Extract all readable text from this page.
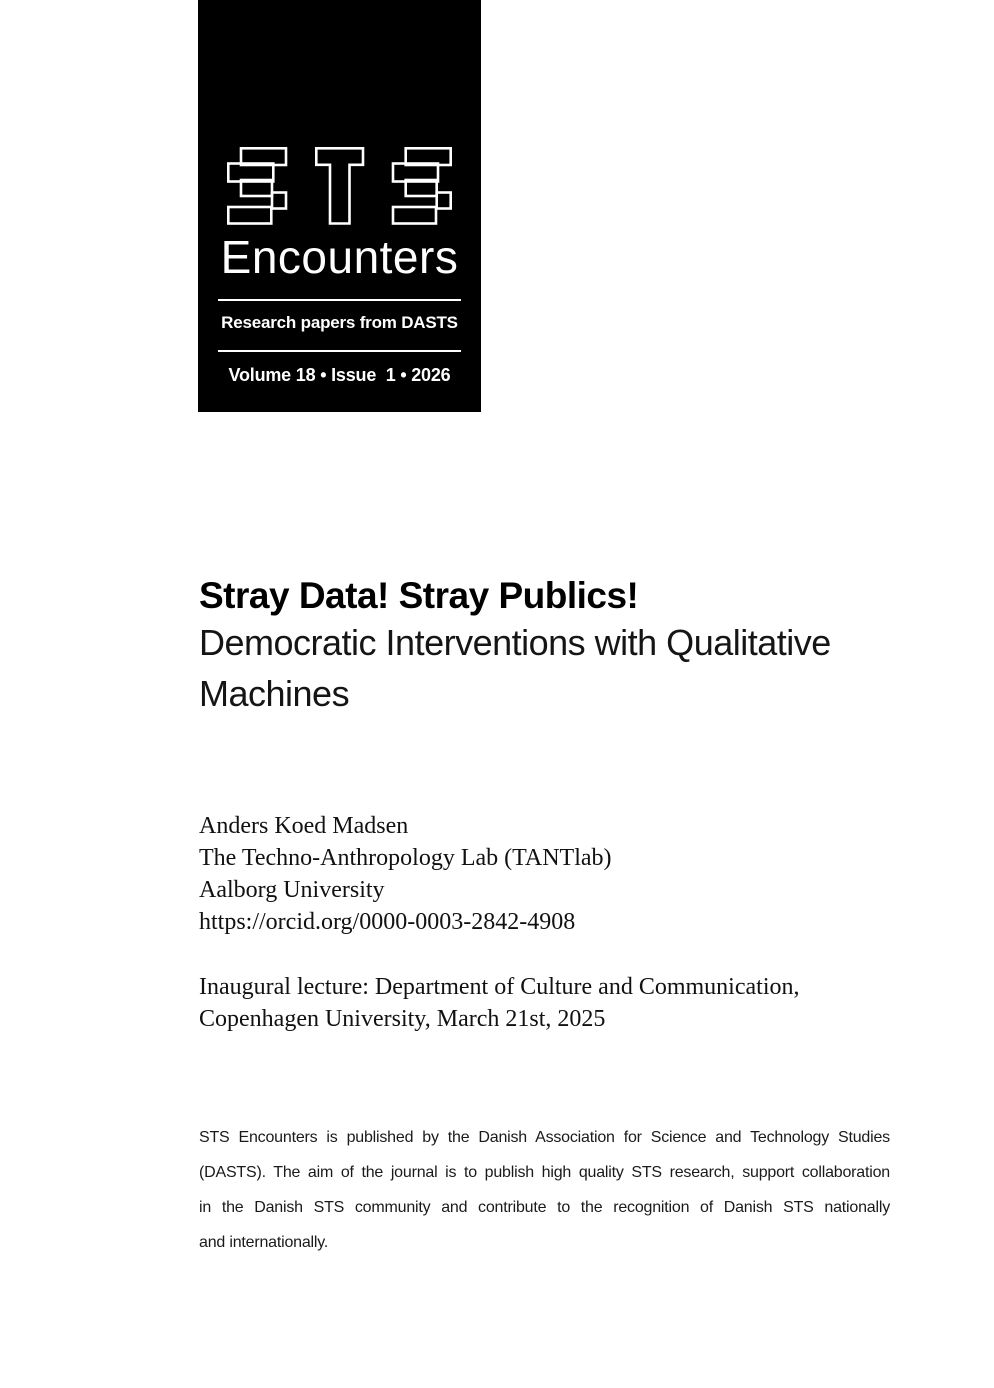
Encounters
Research papers from DASTS
Volume 18 • Issue  1 • 2026
Stray Data! Stray Publics!
Democratic Interventions with Qualitative
Machines
Anders Koed Madsen
The Techno-Anthropology Lab (TANTlab)
Aalborg University
https://orcid.org/0000-0003-2842-4908
Inaugural lecture: Department of Culture and Communication,
Copenhagen University, March 21st, 2025
STS Encounters is published by the Danish Association for Science and Technology Studies
(DASTS). The aim of the journal is to publish high quality STS research, support collaboration
in the Danish STS community and contribute to the recognition of Danish STS nationally
and internationally.
